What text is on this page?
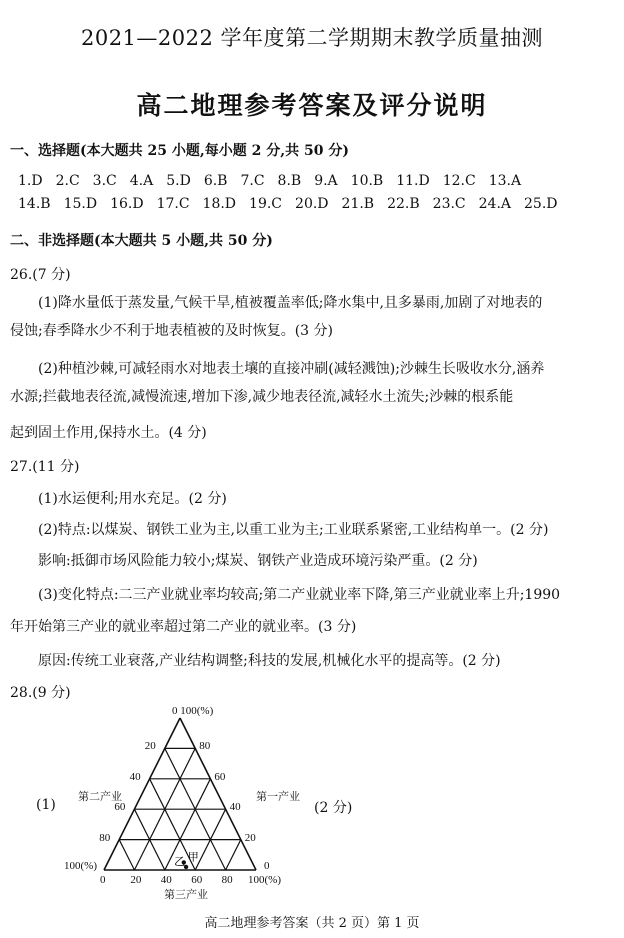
2021—2022 学年度第二学期期末教学质量抽测
高二地理参考答案及评分说明
一、选择题(本大题共 25 小题,每小题 2 分,共 50 分)
1.D 2.C 3.C 4.A 5.D 6.B 7.C 8.B 9.A 10.B 11.D 12.C 13.A
14.B 15.D 16.D 17.C 18.D 19.C 20.D 21.B 22.B 23.C 24.A 25.D
二、非选择题(本大题共 5 小题,共 50 分)
26.(7 分)
(1)降水量低于蒸发量,气候干旱,植被覆盖率低;降水集中,且多暴雨,加剧了对地表的
侵蚀;春季降水少不利于地表植被的及时恢复。(3 分)
(2)种植沙棘,可减轻雨水对地表土壤的直接冲刷(减轻溅蚀);沙棘生长吸收水分,涵养
水源;拦截地表径流,减慢流速,增加下渗,减少地表径流,减轻水土流失;沙棘的根系能
起到固土作用,保持水土。(4 分)
27.(11 分)
(1)水运便利;用水充足。(2 分)
(2)特点:以煤炭、钢铁工业为主,以重工业为主;工业联系紧密,工业结构单一。(2 分)
影响:抵御市场风险能力较小;煤炭、钢铁产业造成环境污染严重。(2 分)
(3)变化特点:二三产业就业率均较高;第二产业就业率下降,第三产业就业率上升;1990
年开始第三产业的就业率超过第二产业的就业率。(3 分)
原因:传统工业衰落,产业结构调整;科技的发展,机械化水平的提高等。(2 分)
28.(9 分)
(1)	(2 分)
甲
乙
0 100(%)
20
40
60
80
80
60
40
20
0 20 40 60 80 100(%)
100(%)	0
第二产业	第一产业
第三产业
高二地理参考答案（共 2 页）第 1 页
